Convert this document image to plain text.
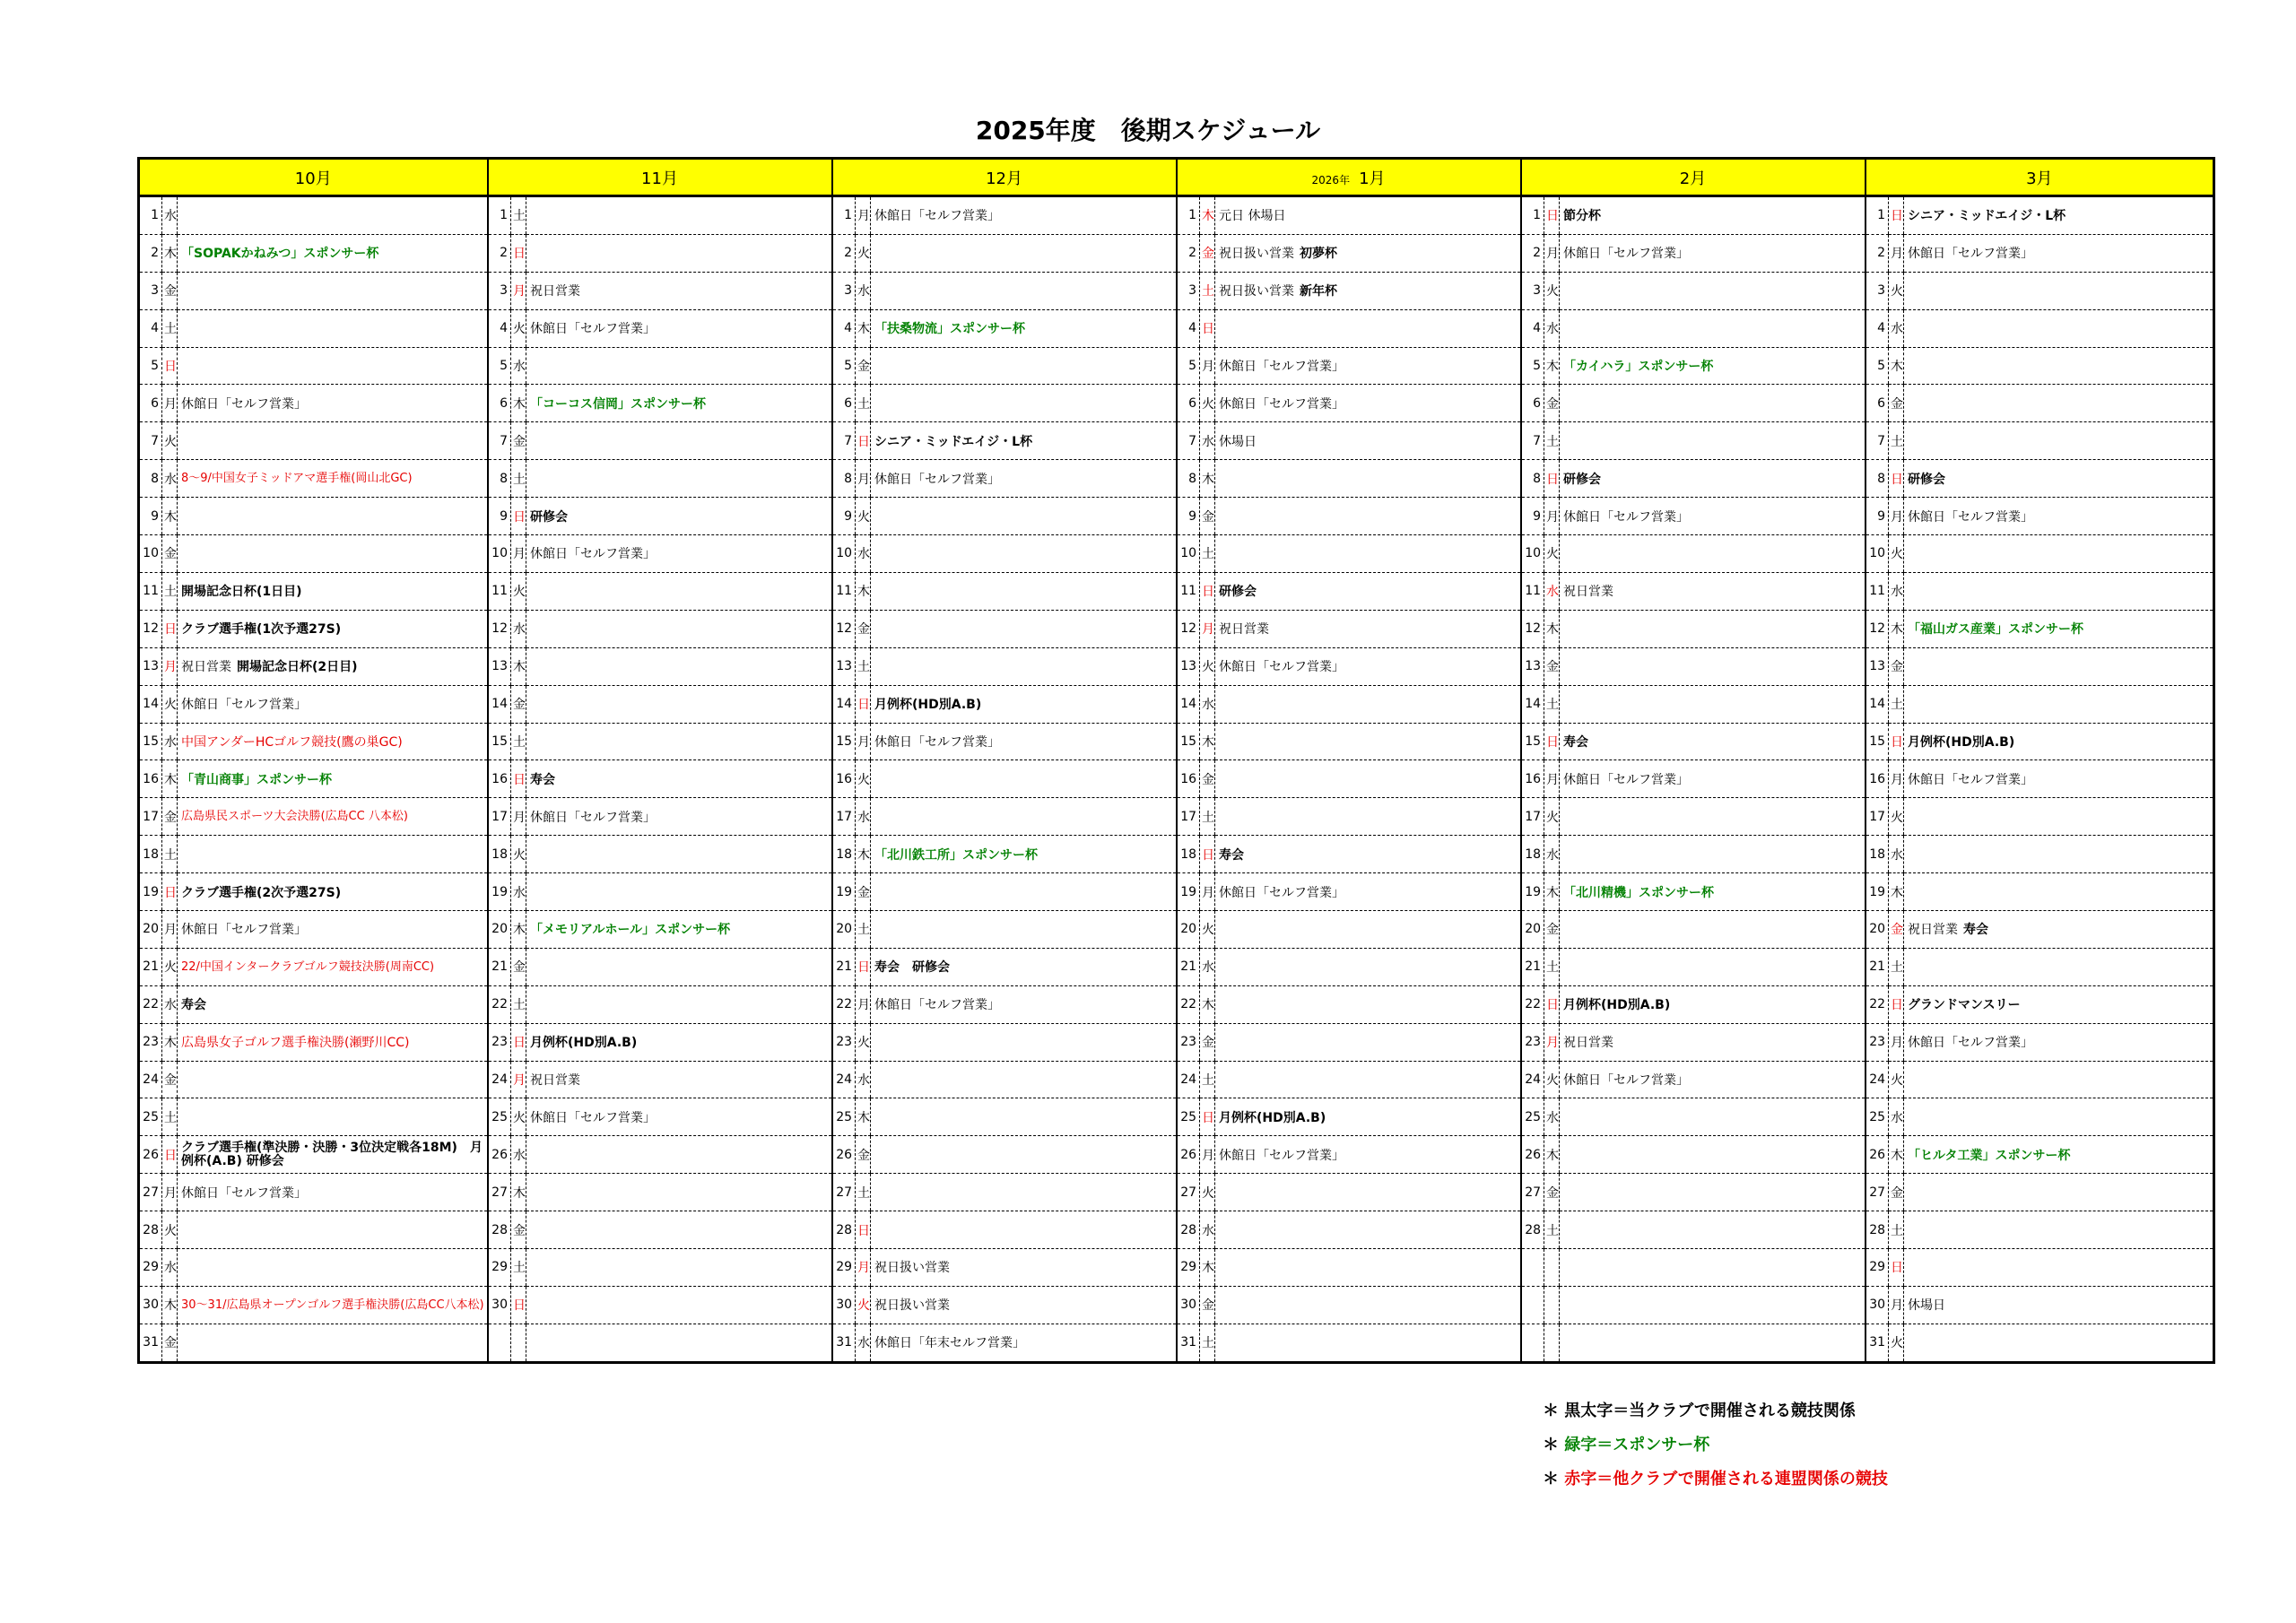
2025年度　後期スケジュール
10月			11月			12月			2026年 1月			2月			3月		
1	水		1	土		1	月	休館日「セルフ営業」	1	木	元日 休場日	1	日	節分杯	1	日	シニア・ミッドエイジ・L杯
2	木	「SOPAKかねみつ」スポンサー杯	2	日		2	火		2	金	祝日扱い営業 初夢杯	2	月	休館日「セルフ営業」	2	月	休館日「セルフ営業」
3	金		3	月	祝日営業	3	水		3	土	祝日扱い営業 新年杯	3	火		3	火	
4	土		4	火	休館日「セルフ営業」	4	木	「扶桑物流」スポンサー杯	4	日		4	水		4	水	
5	日		5	水		5	金		5	月	休館日「セルフ営業」	5	木	「カイハラ」スポンサー杯	5	木	
6	月	休館日「セルフ営業」	6	木	「コーコス信岡」スポンサー杯	6	土		6	火	休館日「セルフ営業」	6	金		6	金	
7	火		7	金		7	日	シニア・ミッドエイジ・L杯	7	水	休場日	7	土		7	土	
8	水	8～9/中国女子ミッドアマ選手権(岡山北GC)	8	土		8	月	休館日「セルフ営業」	8	木		8	日	研修会	8	日	研修会
9	木		9	日	研修会	9	火		9	金		9	月	休館日「セルフ営業」	9	月	休館日「セルフ営業」
10	金		10	月	休館日「セルフ営業」	10	水		10	土		10	火		10	火	
11	土	開場記念日杯(1日目)	11	火		11	木		11	日	研修会	11	水	祝日営業	11	水	
12	日	クラブ選手権(1次予選27S)	12	水		12	金		12	月	祝日営業	12	木		12	木	「福山ガス産業」スポンサー杯
13	月	祝日営業 開場記念日杯(2日目)	13	木		13	土		13	火	休館日「セルフ営業」	13	金		13	金	
14	火	休館日「セルフ営業」	14	金		14	日	月例杯(HD別A.B)	14	水		14	土		14	土	
15	水	中国アンダーHCゴルフ競技(鷹の巣GC)	15	土		15	月	休館日「セルフ営業」	15	木		15	日	寿会	15	日	月例杯(HD別A.B)
16	木	「青山商事」スポンサー杯	16	日	寿会	16	火		16	金		16	月	休館日「セルフ営業」	16	月	休館日「セルフ営業」
17	金	広島県民スポーツ大会決勝(広島CC 八本松)	17	月	休館日「セルフ営業」	17	水		17	土		17	火		17	火	
18	土		18	火		18	木	「北川鉄工所」スポンサー杯	18	日	寿会	18	水		18	水	
19	日	クラブ選手権(2次予選27S)	19	水		19	金		19	月	休館日「セルフ営業」	19	木	「北川精機」スポンサー杯	19	木	
20	月	休館日「セルフ営業」	20	木	「メモリアルホール」スポンサー杯	20	土		20	火		20	金		20	金	祝日営業 寿会
21	火	22/中国インタークラブゴルフ競技決勝(周南CC)	21	金		21	日	寿会　研修会	21	水		21	土		21	土	
22	水	寿会	22	土		22	月	休館日「セルフ営業」	22	木		22	日	月例杯(HD別A.B)	22	日	グランドマンスリー
23	木	広島県女子ゴルフ選手権決勝(瀬野川CC)	23	日	月例杯(HD別A.B)	23	火		23	金		23	月	祝日営業	23	月	休館日「セルフ営業」
24	金		24	月	祝日営業	24	水		24	土		24	火	休館日「セルフ営業」	24	火	
25	土		25	火	休館日「セルフ営業」	25	木		25	日	月例杯(HD別A.B)	25	水		25	水	
26	日	クラブ選手権(準決勝・決勝・3位決定戦各18M)　月例杯(A.B) 研修会	26	水		26	金		26	月	休館日「セルフ営業」	26	木		26	木	「ヒルタ工業」スポンサー杯
27	月	休館日「セルフ営業」	27	木		27	土		27	火		27	金		27	金	
28	火		28	金		28	日		28	水		28	土		28	土	
29	水		29	土		29	月	祝日扱い営業	29	木					29	日	
30	木	30～31/広島県オープンゴルフ選手権決勝(広島CC八本松)	30	日		30	火	祝日扱い営業	30	金					30	月	休場日
31	金					31	水	休館日「年末セルフ営業」	31	土					31	火	
＊ 黒太字＝当クラブで開催される競技関係
＊ 緑字＝スポンサー杯
＊ 赤字＝他クラブで開催される連盟関係の競技
